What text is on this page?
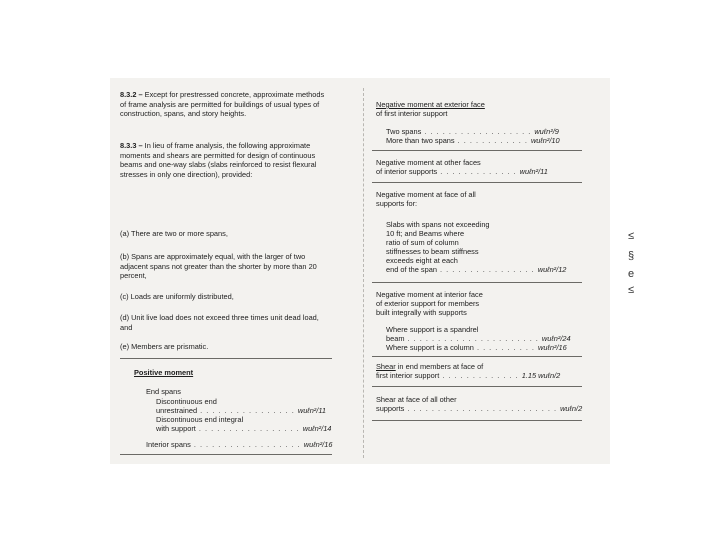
8.3.2 – Except for prestressed concrete, approximate methods of frame analysis are permitted for buildings of usual types of construction, spans, and story heights.
8.3.3 – In lieu of frame analysis, the following approximate moments and shears are permitted for design of continuous beams and one-way slabs (slabs reinforced to resist flexural stresses in only one direction), provided:
(a) There are two or more spans,
(b) Spans are approximately equal, with the larger of two adjacent spans not greater than the shorter by more than 20 percent,
(c) Loads are uniformly distributed,
(d) Unit live load does not exceed three times unit dead load, and
(e) Members are prismatic.
Positive moment
End spans
Discontinuous end
unrestrained . . . . . . . . . . . . . . . . wuℓn²/11
Discontinuous end integral
with support . . . . . . . . . . . . . . . . . wuℓn²/14
Interior spans . . . . . . . . . . . . . . . . . . wuℓn²/16
Negative moment at exterior face
of first interior support
Two spans . . . . . . . . . . . . . . . . . . wuℓn²/9
More than two spans . . . . . . . . . . . . wuℓn²/10
Negative moment at other faces
of interior supports . . . . . . . . . . . . . wuℓn²/11
Negative moment at face of all
supports for:
Slabs with spans not exceeding
10 ft; and Beams where
ratio of sum of column
stiffnesses to beam stiffness
exceeds eight at each
end of the span . . . . . . . . . . . . . . . . wuℓn²/12
Negative moment at interior face
of exterior support for members
built integrally with supports
Where support is a spandrel
beam . . . . . . . . . . . . . . . . . . . . . . wuℓn²/24
Where support is a column . . . . . . . . . . wuℓn²/16
Shear in end members at face of
first interior support . . . . . . . . . . . . . 1.15 wuℓn/2
Shear at face of all other
supports . . . . . . . . . . . . . . . . . . . . . . . . . wuℓn/2
≤
§
е
≤
